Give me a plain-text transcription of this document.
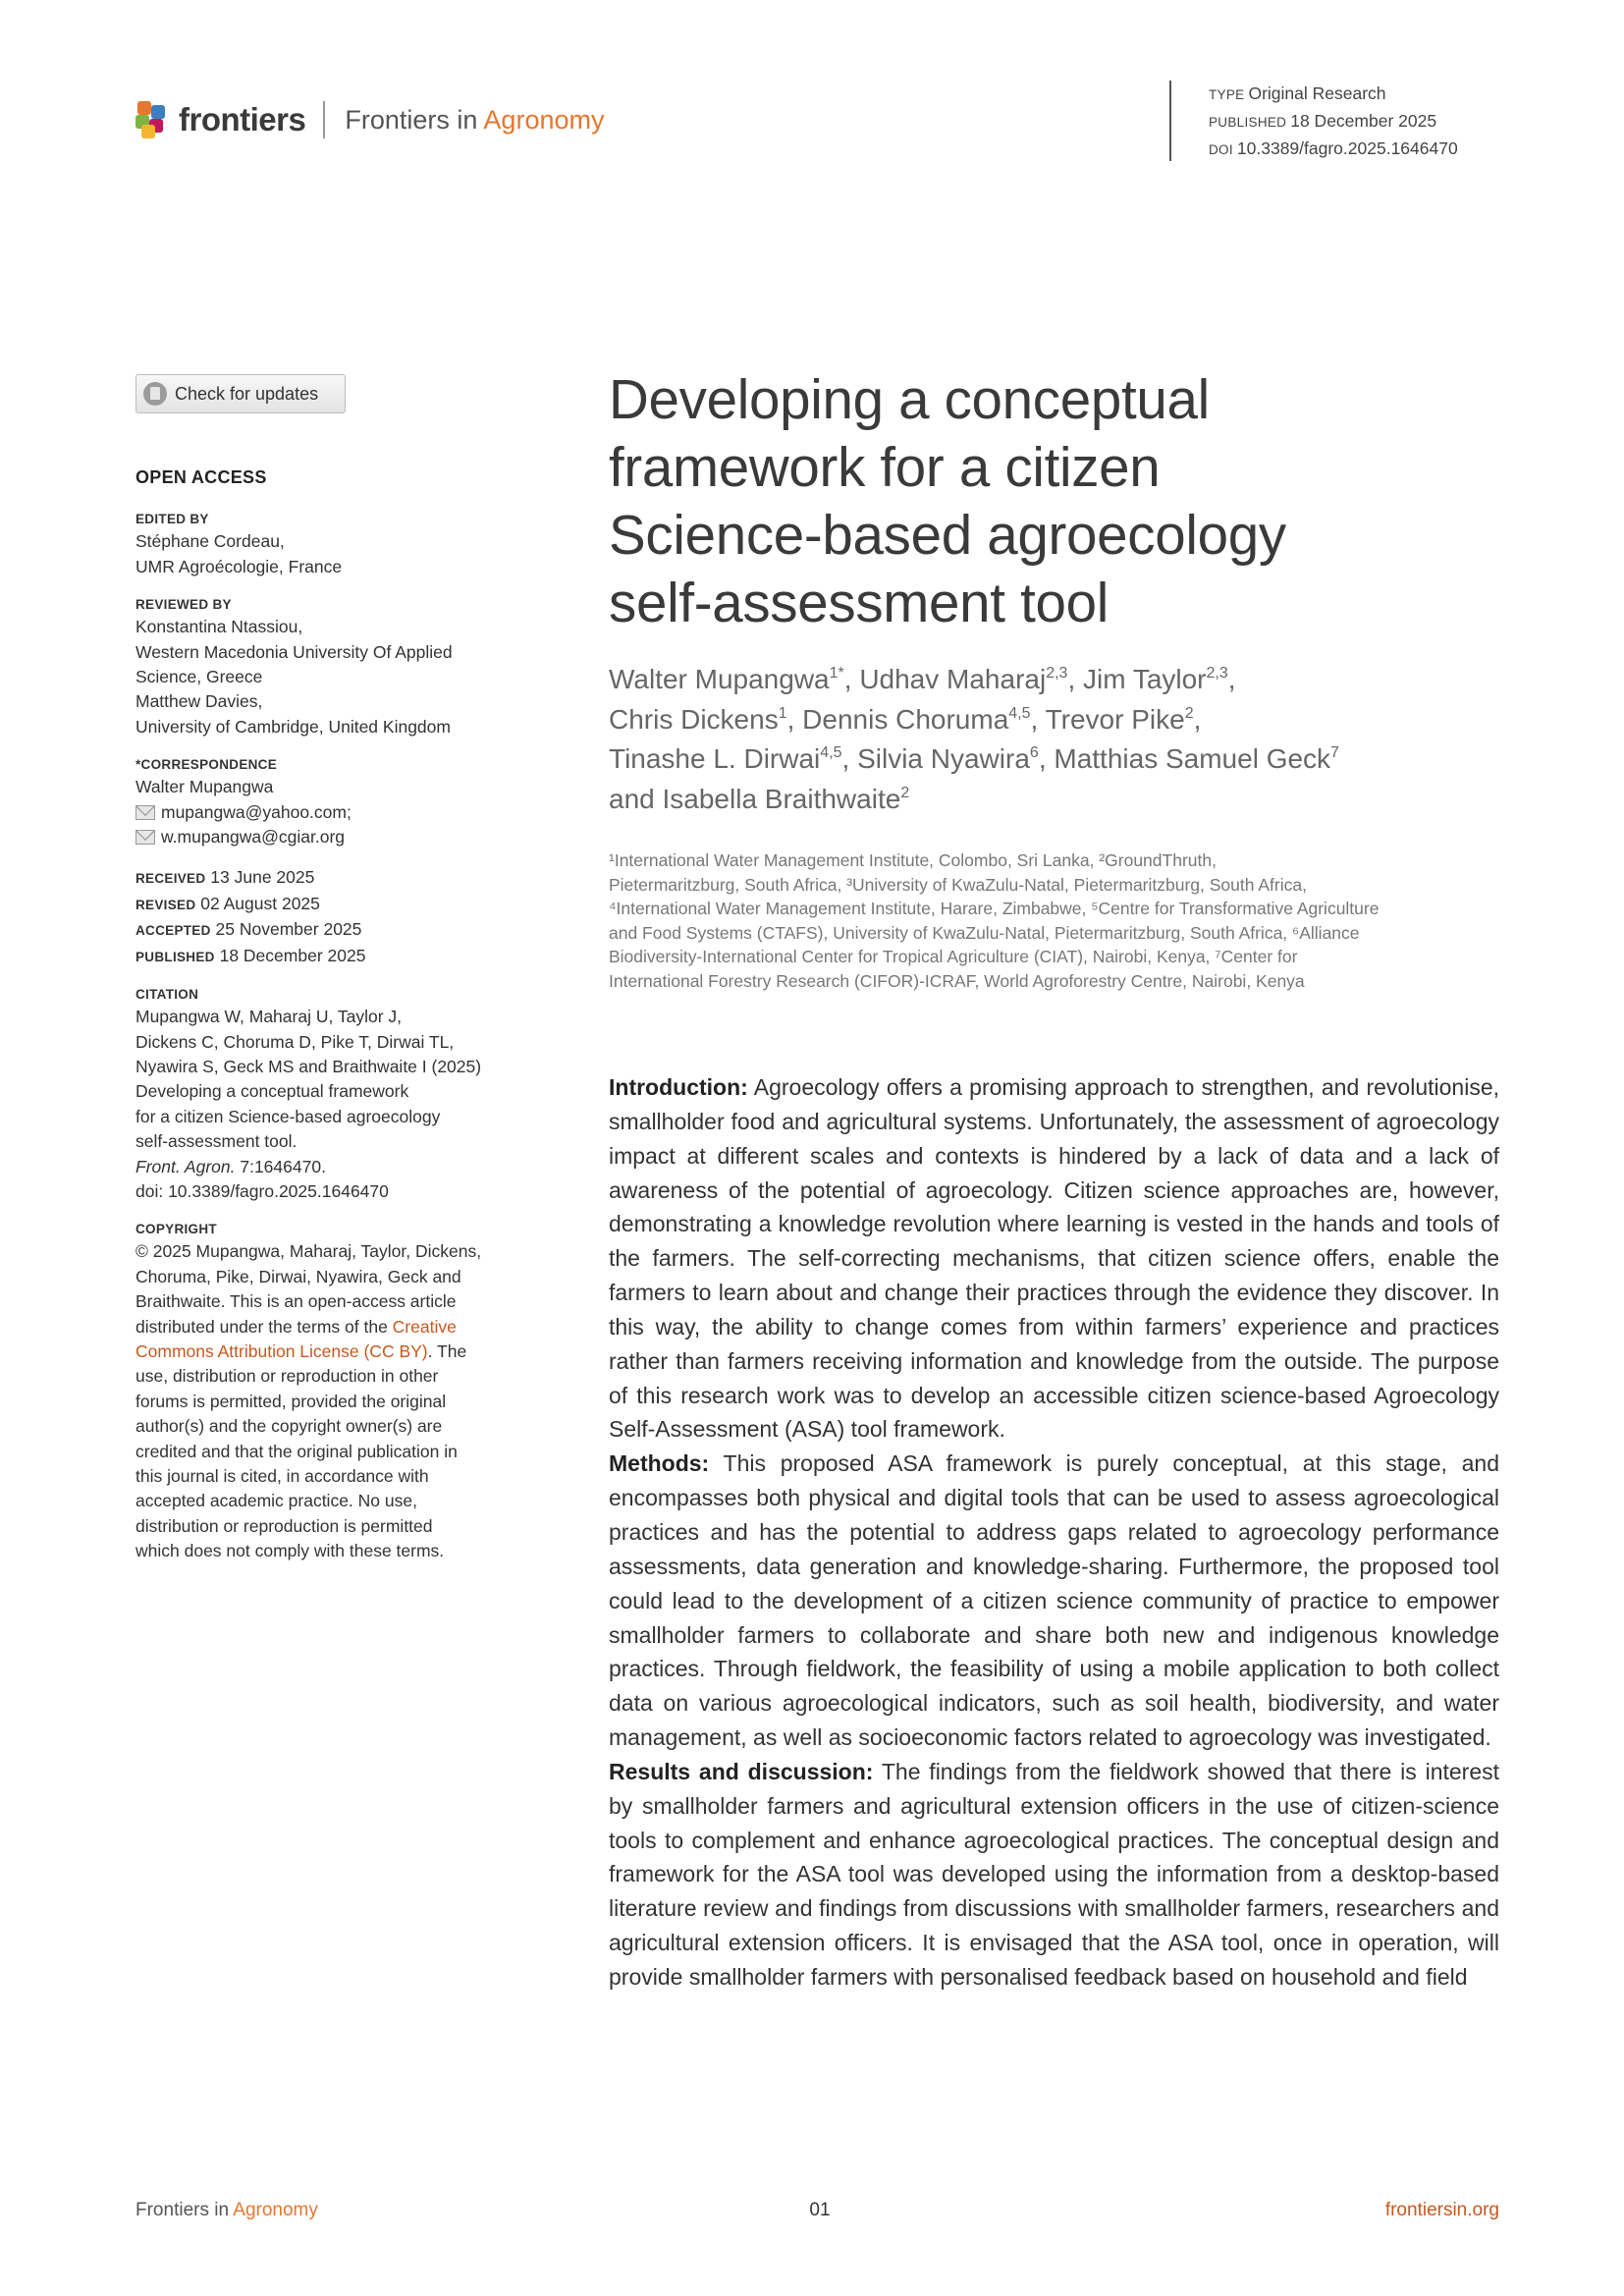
frontiers Frontiers in Agronomy
TYPE Original Research
PUBLISHED 18 December 2025
DOI 10.3389/fagro.2025.1646470
Check for updates
OPEN ACCESS
EDITED BY
Stéphane Cordeau,
UMR Agroécologie, France
REVIEWED BY
Konstantina Ntassiou,
Western Macedonia University Of Applied
Science, Greece
Matthew Davies,
University of Cambridge, United Kingdom
*CORRESPONDENCE
Walter Mupangwa
mupangwa@yahoo.com;
w.mupangwa@cgiar.org
RECEIVED 13 June 2025
REVISED 02 August 2025
ACCEPTED 25 November 2025
PUBLISHED 18 December 2025
CITATION
Mupangwa W, Maharaj U, Taylor J,
Dickens C, Choruma D, Pike T, Dirwai TL,
Nyawira S, Geck MS and Braithwaite I (2025)
Developing a conceptual framework
for a citizen Science-based agroecology
self-assessment tool.
Front. Agron. 7:1646470.
doi: 10.3389/fagro.2025.1646470
COPYRIGHT
© 2025 Mupangwa, Maharaj, Taylor, Dickens,
Choruma, Pike, Dirwai, Nyawira, Geck and
Braithwaite. This is an open-access article
distributed under the terms of the Creative
Commons Attribution License (CC BY). The
use, distribution or reproduction in other
forums is permitted, provided the original
author(s) and the copyright owner(s) are
credited and that the original publication in
this journal is cited, in accordance with
accepted academic practice. No use,
distribution or reproduction is permitted
which does not comply with these terms.
Developing a conceptual
framework for a citizen
Science-based agroecology
self-assessment tool
Walter Mupangwa$^{1*}$, Udhav Maharaj$^{2,3}$, Jim Taylor$^{2,3}$,
Chris Dickens$^1$, Dennis Choruma$^{4,5}$, Trevor Pike$^2$,
Tinashe L. Dirwai$^{4,5}$, Silvia Nyawira$^6$, Matthias Samuel Geck$^7$
and Isabella Braithwaite$^2$
¹International Water Management Institute, Colombo, Sri Lanka, ²GroundThruth,
Pietermaritzburg, South Africa, ³University of KwaZulu-Natal, Pietermaritzburg, South Africa,
⁴International Water Management Institute, Harare, Zimbabwe, ⁵Centre for Transformative Agriculture
and Food Systems (CTAFS), University of KwaZulu-Natal, Pietermaritzburg, South Africa, ⁶Alliance
Biodiversity-International Center for Tropical Agriculture (CIAT), Nairobi, Kenya, ⁷Center for
International Forestry Research (CIFOR)-ICRAF, World Agroforestry Centre, Nairobi, Kenya

Introduction: Agroecology offers a promising approach to strengthen, and revolutionise, smallholder food and agricultural systems. Unfortunately, the assessment of agroecology impact at different scales and contexts is hindered by a lack of data and a lack of awareness of the potential of agroecology. Citizen science approaches are, however, demonstrating a knowledge revolution where learning is vested in the hands and tools of the farmers. The self-correcting mechanisms, that citizen science offers, enable the farmers to learn about and change their practices through the evidence they discover. In this way, the ability to change comes from within farmers’ experience and practices rather than farmers receiving information and knowledge from the outside. The purpose of this research work was to develop an accessible citizen science-based Agroecology Self-Assessment (ASA) tool framework.

Methods: This proposed ASA framework is purely conceptual, at this stage, and encompasses both physical and digital tools that can be used to assess agroecological practices and has the potential to address gaps related to agroecology performance assessments, data generation and knowledge-sharing. Furthermore, the proposed tool could lead to the development of a citizen science community of practice to empower smallholder farmers to collaborate and share both new and indigenous knowledge practices. Through fieldwork, the feasibility of using a mobile application to both collect data on various agroecological indicators, such as soil health, biodiversity, and water management, as well as socioeconomic factors related to agroecology was investigated.

Results and discussion: The findings from the fieldwork showed that there is interest by smallholder farmers and agricultural extension officers in the use of citizen-science tools to complement and enhance agroecological practices. The conceptual design and framework for the ASA tool was developed using the information from a desktop-based literature review and findings from discussions with smallholder farmers, researchers and agricultural extension officers. It is envisaged that the ASA tool, once in operation, will provide smallholder farmers with personalised feedback based on household and field

Frontiers in Agronomy	01	frontiersin.org
